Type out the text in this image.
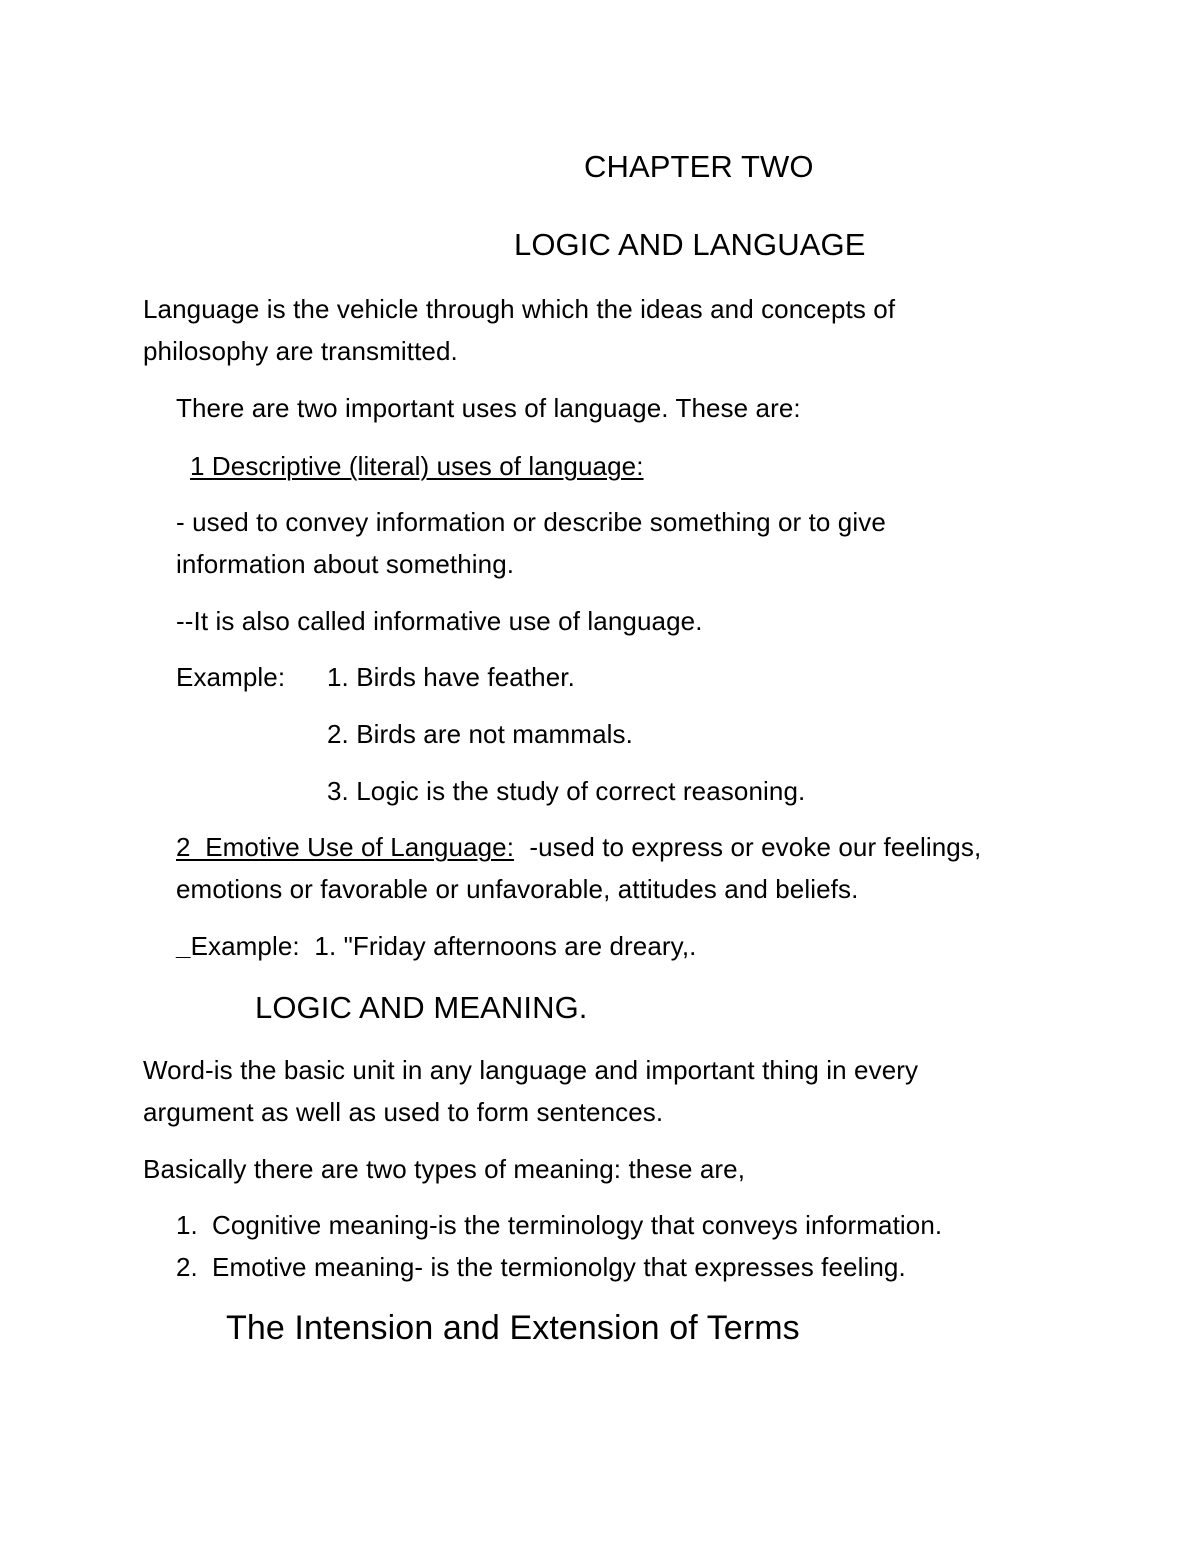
CHAPTER TWO
LOGIC AND LANGUAGE
Language is the vehicle through which the ideas and concepts of
philosophy are transmitted.
There are two important uses of language. These are:
1 Descriptive (literal) uses of language:
- used to convey information or describe something or to give
information about something.
--It is also called informative use of language.
Example: 1. Birds have feather.
2. Birds are not mammals.
3. Logic is the study of correct reasoning.
2  Emotive Use of Language: -used to express or evoke our feelings,
emotions or favorable or unfavorable, attitudes and beliefs.
_Example:  1. "Friday afternoons are dreary,.
LOGIC AND MEANING.
Word-is the basic unit in any language and important thing in every
argument as well as used to form sentences.
Basically there are two types of meaning: these are,
1. Cognitive meaning-is the terminology that conveys information.
2. Emotive meaning- is the termionolgy that expresses feeling.
The Intension and Extension of Terms
